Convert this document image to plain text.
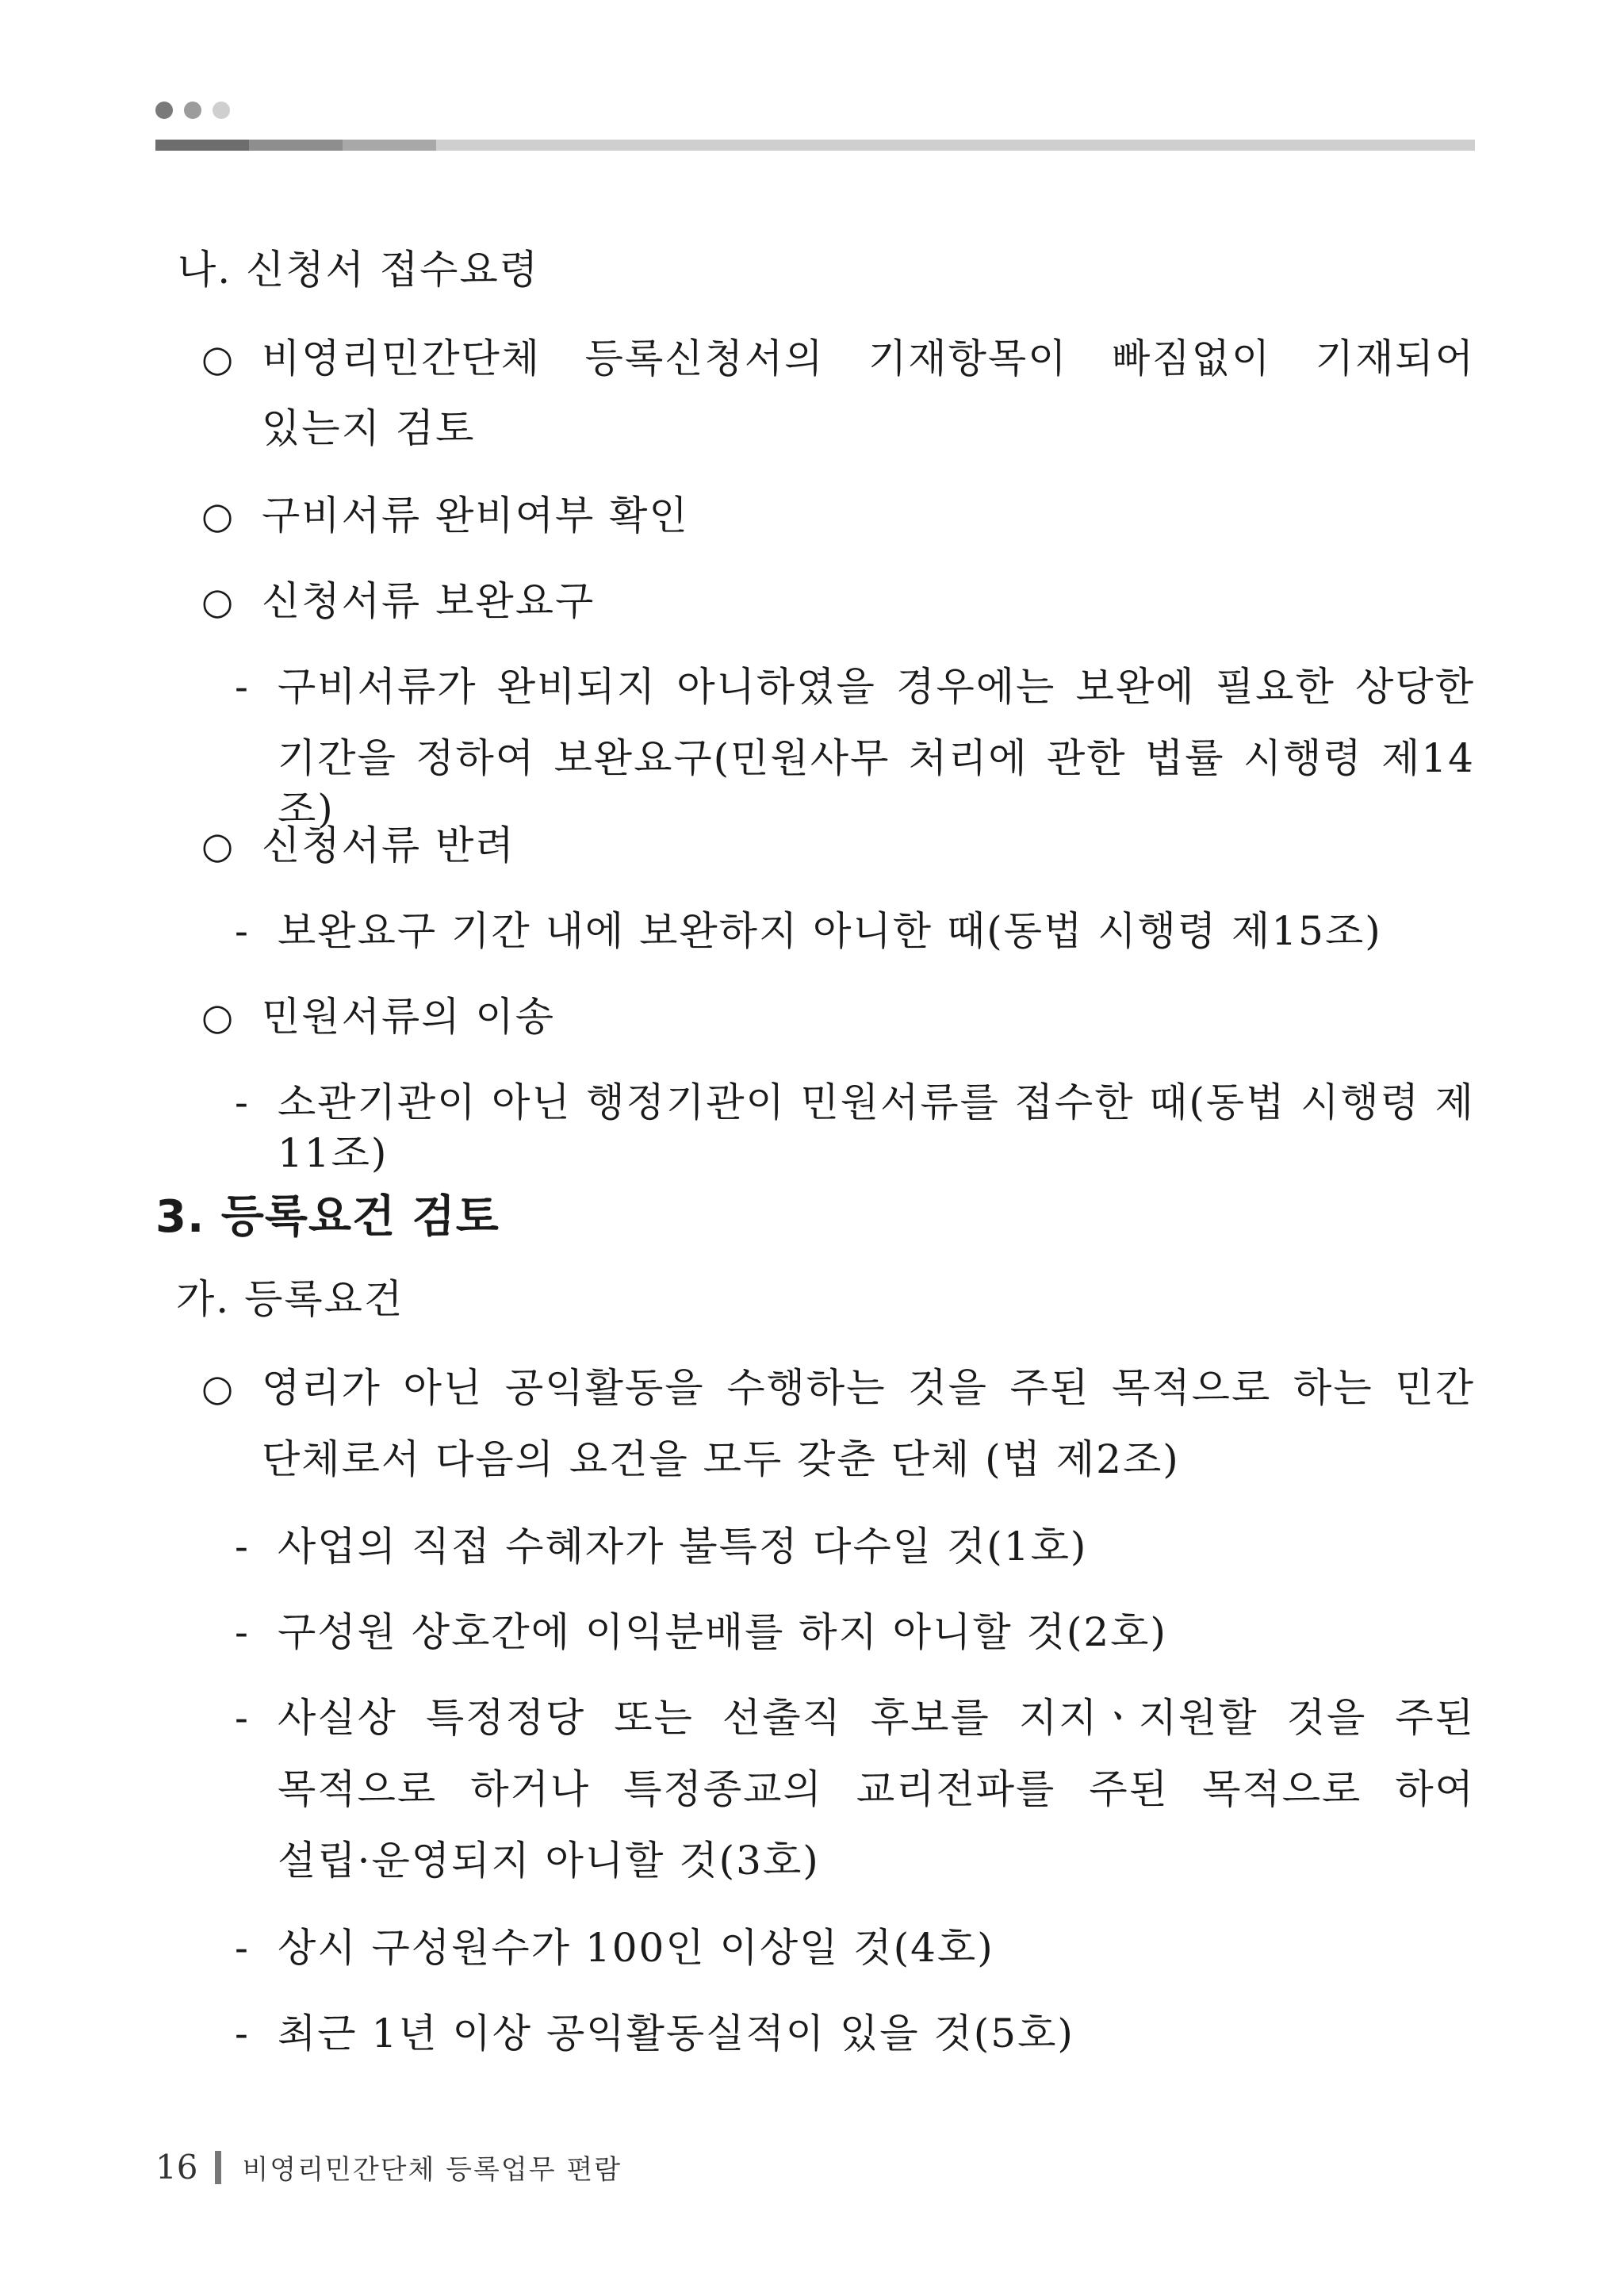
나. 신청서 접수요령
○ 비영리민간단체 등록신청서의 기재항목이 빠짐없이 기재되어
있는지 검토
○ 구비서류 완비여부 확인
○ 신청서류 보완요구
- 구비서류가 완비되지 아니하였을 경우에는 보완에 필요한 상당한
기간을 정하여 보완요구(민원사무 처리에 관한 법률 시행령 제14조)
○ 신청서류 반려
- 보완요구 기간 내에 보완하지 아니한 때(동법 시행령 제15조)
○ 민원서류의 이송
- 소관기관이 아닌 행정기관이 민원서류를 접수한 때(동법 시행령 제11조)
3. 등록요건 검토
가. 등록요건
○ 영리가 아닌 공익활동을 수행하는 것을 주된 목적으로 하는 민간
단체로서 다음의 요건을 모두 갖춘 단체 (법 제2조)
- 사업의 직접 수혜자가 불특정 다수일 것(1호)
- 구성원 상호간에 이익분배를 하지 아니할 것(2호)
- 사실상 특정정당 또는 선출직 후보를 지지ㆍ지원할 것을 주된
목적으로 하거나 특정종교의 교리전파를 주된 목적으로 하여
설립·운영되지 아니할 것(3호)
- 상시 구성원수가 100인 이상일 것(4호)
- 최근 1년 이상 공익활동실적이 있을 것(5호)
16 비영리민간단체 등록업무 편람
